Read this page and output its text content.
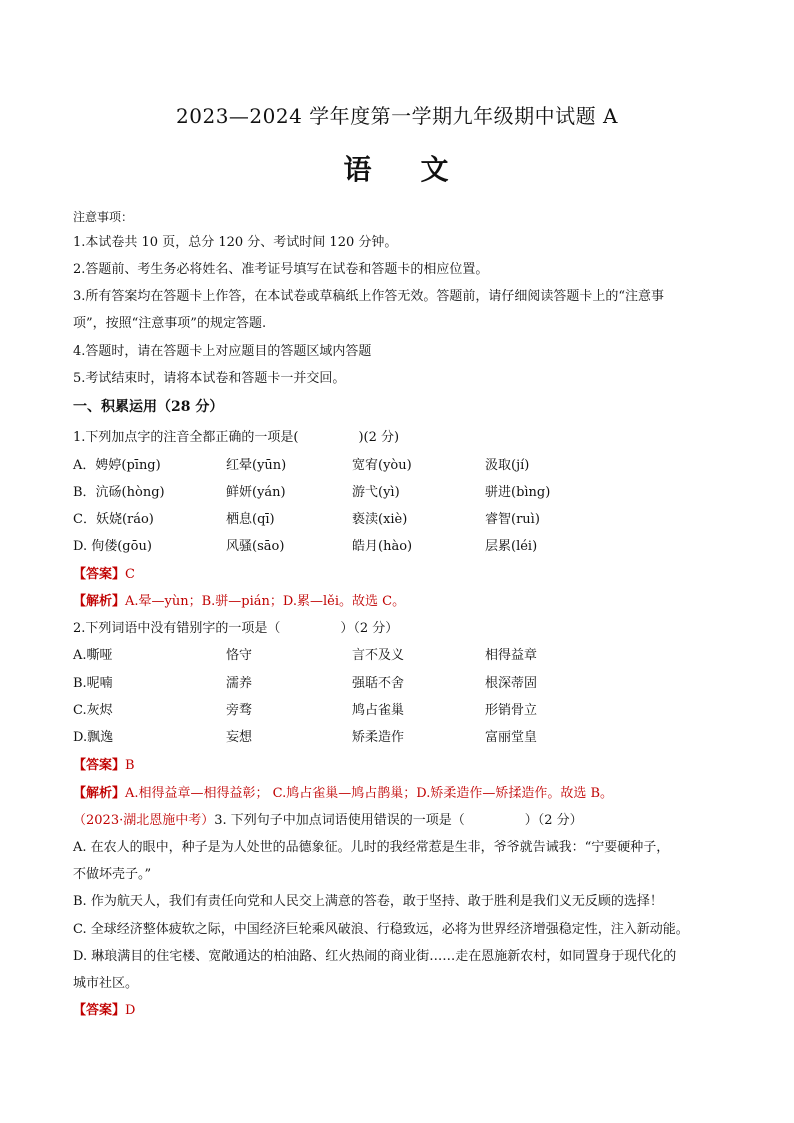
2023—2024 学年度第一学期九年级期中试题 A
语    文
注意事项：
1.本试卷共 10 页，总分 120 分、考试时间 120 分钟。
2.答题前、考生务必将姓名、准考证号填写在试卷和答题卡的相应位置。
3.所有答案均在答题卡上作答，在本试卷或草稿纸上作答无效。答题前，请仔细阅读答题卡上的“注意事
项”，按照“注意事项”的规定答题.
4.答题时，请在答题卡上对应题目的答题区域内答题
5.考试结束时，请将本试卷和答题卡一并交回。
一、积累运用（28 分）
1.下列加点字的注音全都正确的一项是(	)(2 分)
A．娉婷(pīng)	红晕(yūn)	宽宥(yòu)	汲取(jí)
B．沆砀(hòng)	鲜妍(yán)	游弋(yì)	骈进(bìng)
C．妖娆(ráo)	栖息(qī)	亵渎(xiè)	睿智(ruì)
D. 佝偻(gōu)	风骚(sāo)	皓月(hào)	层累(léi)
【答案】C
【解析】A.晕—yùn；B.骈—pián；D.累—lěi。故选 C。
2.下列词语中没有错别字的一项是（	）（2 分）
A.嘶哑	恪守	言不及义	相得益章
B.呢喃	濡养	强聒不舍	根深蒂固
C.灰烬	旁骛	鸠占雀巢	形销骨立
D.飘逸	妄想	矫柔造作	富丽堂皇
【答案】B
【解析】A.相得益章—相得益彰； C.鸠占雀巢—鸠占鹊巢；D.矫柔造作—矫揉造作。故选 B。
（2023·湖北恩施中考）3. 下列句子中加点词语使用错误的一项是（	）（2 分）
A. 在农人的眼中，种子是为人处世的品德象征。儿时的我经常惹是生非，爷爷就告诫我：“宁要硬种子，
不做坏壳子。”
B. 作为航天人，我们有责任向党和人民交上满意的答卷，敢于坚持、敢于胜利是我们义无反顾的选择！
C. 全球经济整体疲软之际，中国经济巨轮乘风破浪、行稳致远，必将为世界经济增强稳定性，注入新动能。
D. 琳琅满目的住宅楼、宽敞通达的柏油路、红火热闹的商业街……走在恩施新农村，如同置身于现代化的
城市社区。
【答案】D
